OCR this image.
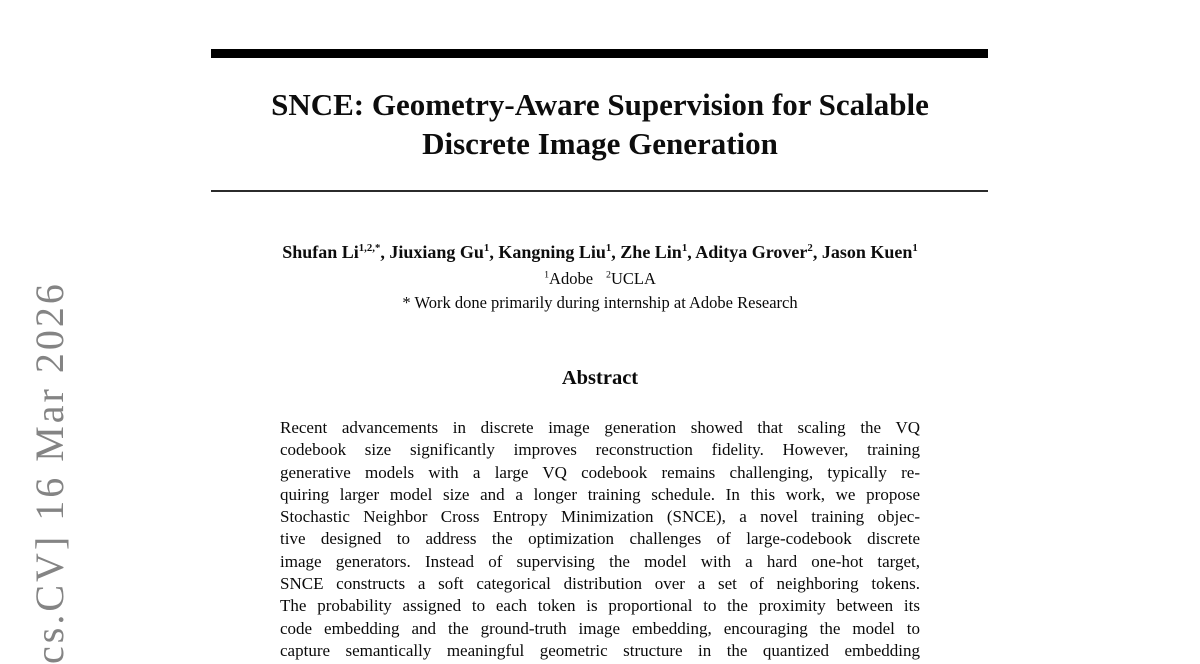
cs.CV] 16 Mar 2026
SNCE: Geometry-Aware Supervision for Scalable
Discrete Image Generation
Shufan $Li^{1,2,*}$, Jiuxiang Gu$^1$, Kangning Liu$^1$, Zhe Lin$^1$, Aditya Grover$^2$, Jason Kuen$^1$
$^1$Adobe $^2$UCLA
* Work done primarily during internship at Adobe Research
Abstract
Recent advancements in discrete image generation showed that scaling the VQ
codebook size significantly improves reconstruction fidelity. However, training
generative models with a large VQ codebook remains challenging, typically re-
quiring larger model size and a longer training schedule. In this work, we propose
Stochastic Neighbor Cross Entropy Minimization (SNCE), a novel training objec-
tive designed to address the optimization challenges of large-codebook discrete
image generators. Instead of supervising the model with a hard one-hot target,
SNCE constructs a soft categorical distribution over a set of neighboring tokens.
The probability assigned to each token is proportional to the proximity between its
code embedding and the ground-truth image embedding, encouraging the model to
capture semantically meaningful geometric structure in the quantized embedding
